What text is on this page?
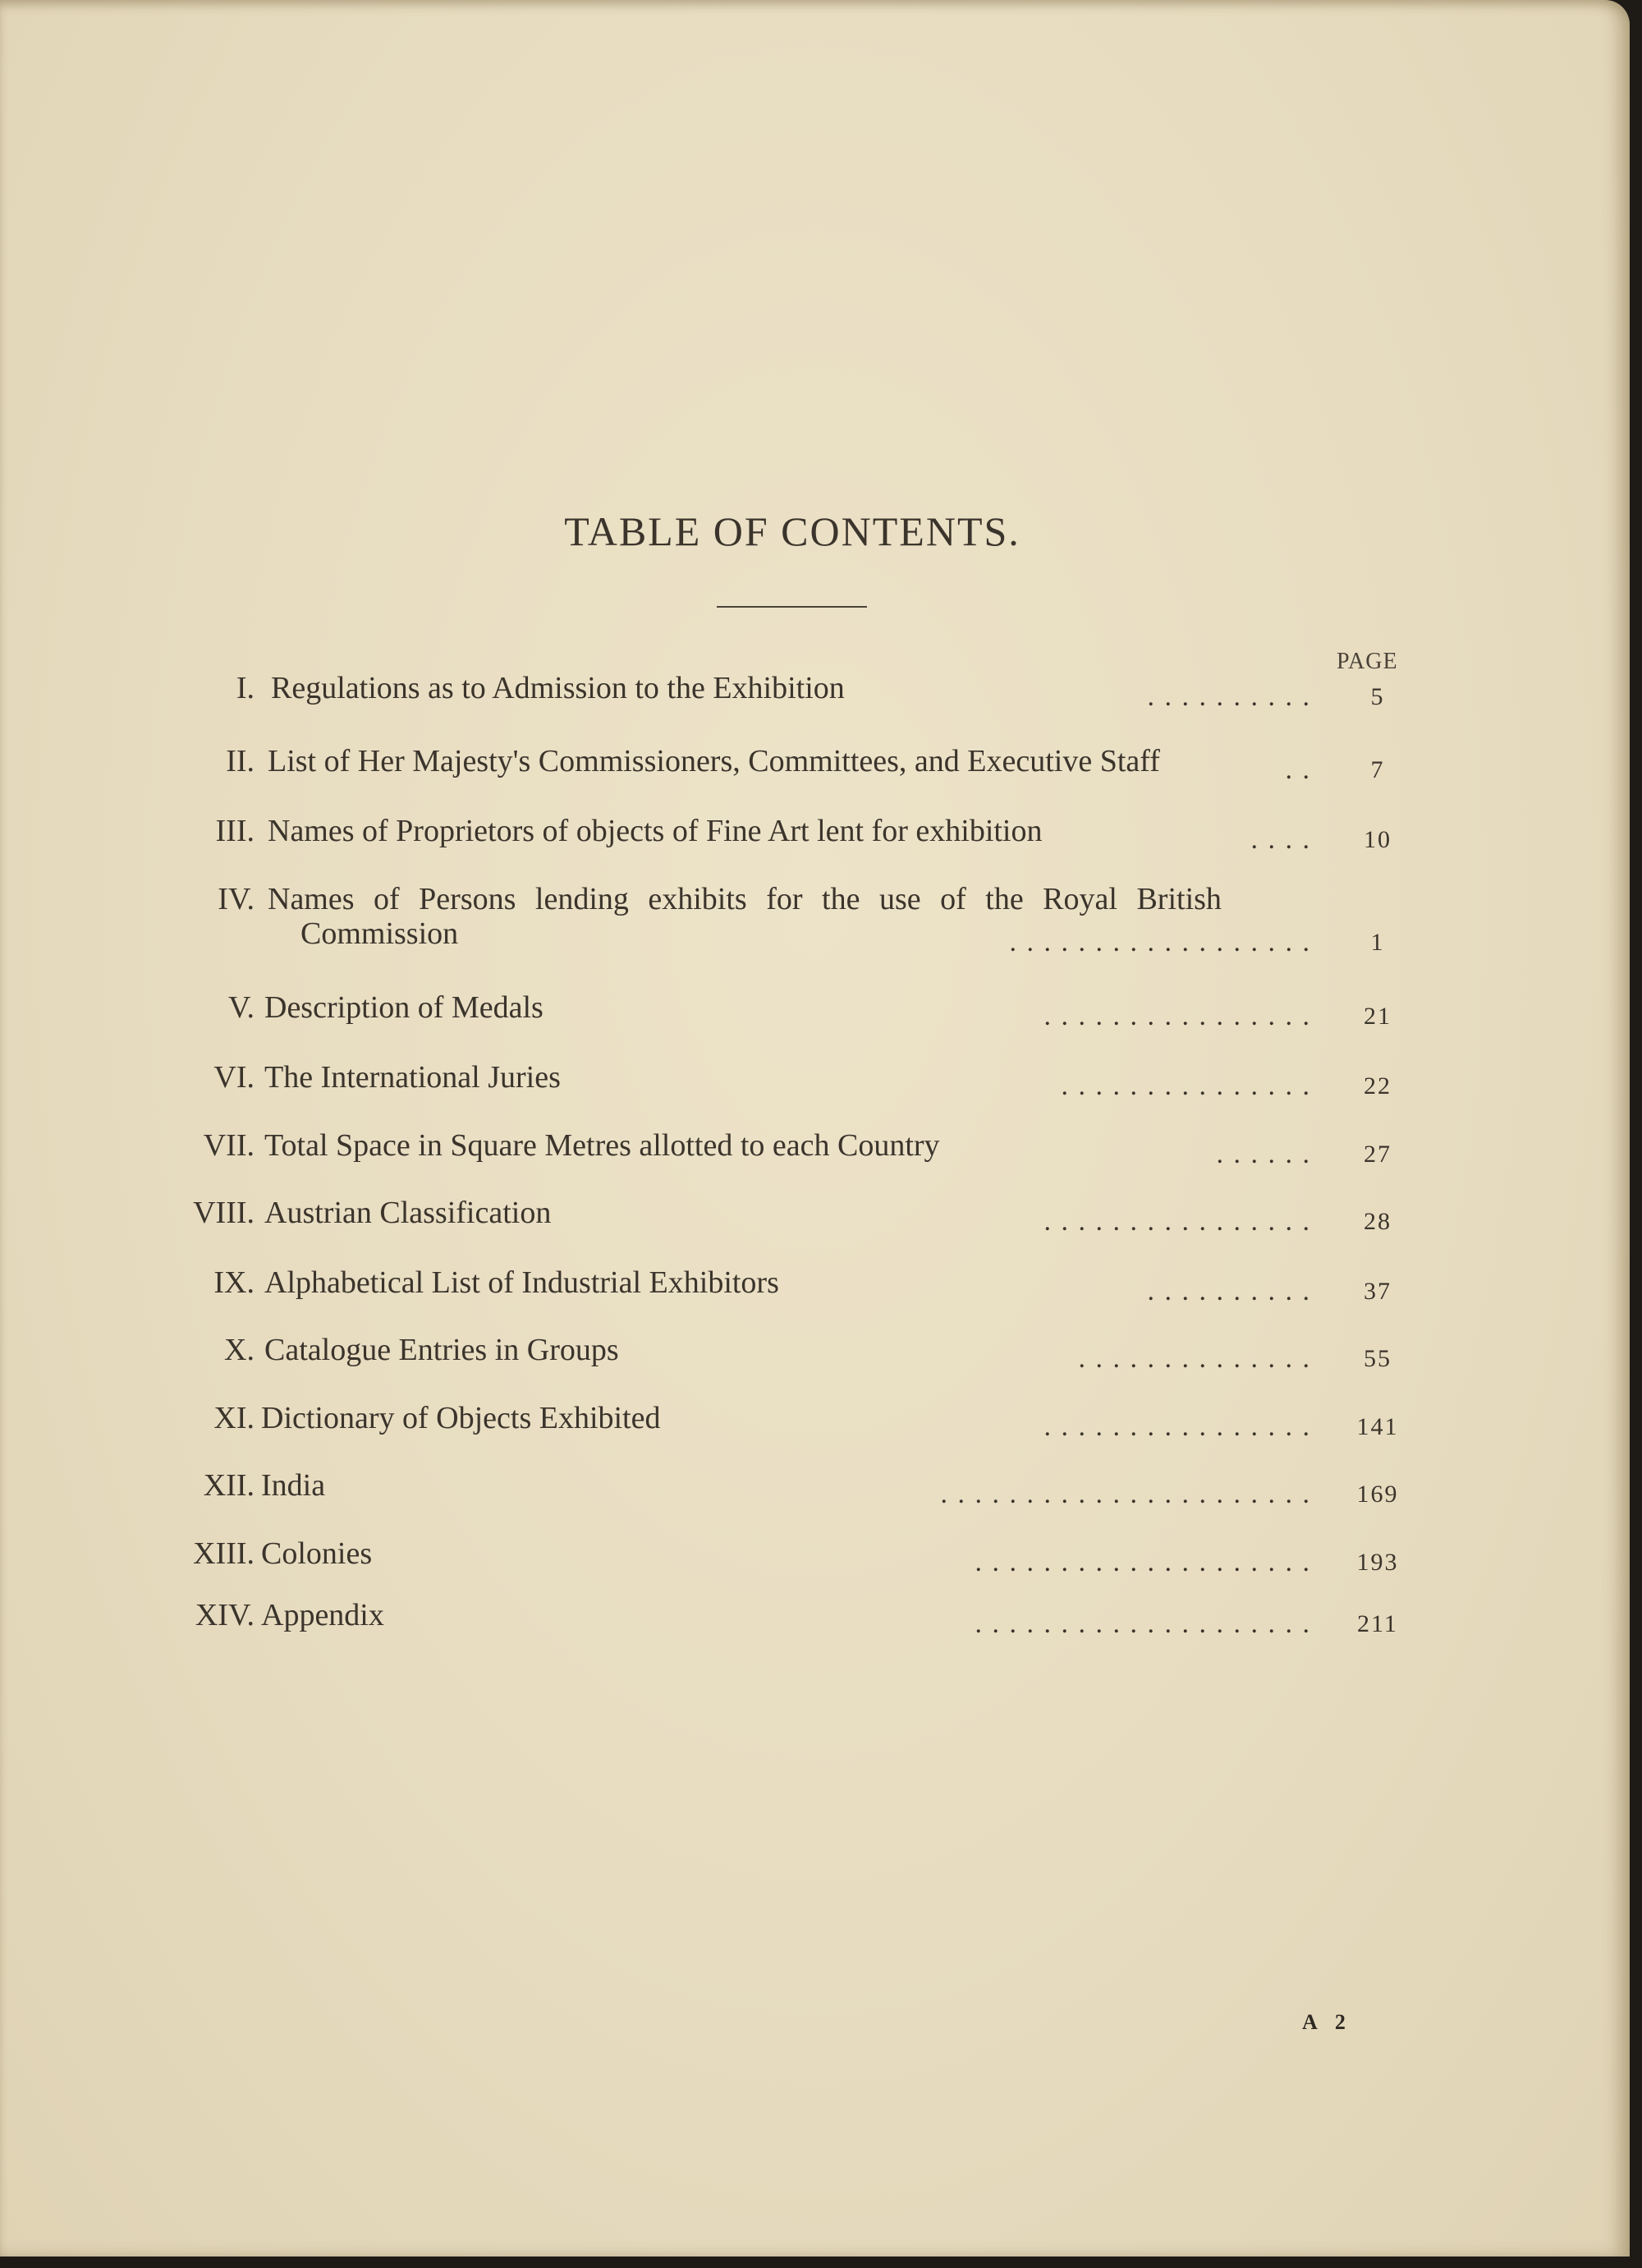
TABLE OF CONTENTS.
PAGE
I. Regulations as to Admission to the Exhibition	. . . . . . . . . .	5
II. List of Her Majesty's Commissioners, Committees, and Executive Staff	. .	7
III. Names of Proprietors of objects of Fine Art lent for exhibition	. . . .	10
IV. Names of Persons lending exhibits for the use of the Royal British
Commission	. . . . . . . . . . . . . . . . . .	1
V. Description of Medals	. . . . . . . . . . . . . . . .	21
VI. The International Juries	. . . . . . . . . . . . . . .	22
VII. Total Space in Square Metres allotted to each Country	. . . . . .	27
VIII. Austrian Classification	. . . . . . . . . . . . . . . .	28
IX. Alphabetical List of Industrial Exhibitors	. . . . . . . . . .	37
X. Catalogue Entries in Groups	. . . . . . . . . . . . . .	55
XI. Dictionary of Objects Exhibited	. . . . . . . . . . . . . . . . 141
XII. India	. . . . . . . . . . . . . . . . . . . . . . 169
XIII. Colonies	. . . . . . . . . . . . . . . . . . . . 193
XIV. Appendix	. . . . . . . . . . . . . . . . . . . . 211
A 2
